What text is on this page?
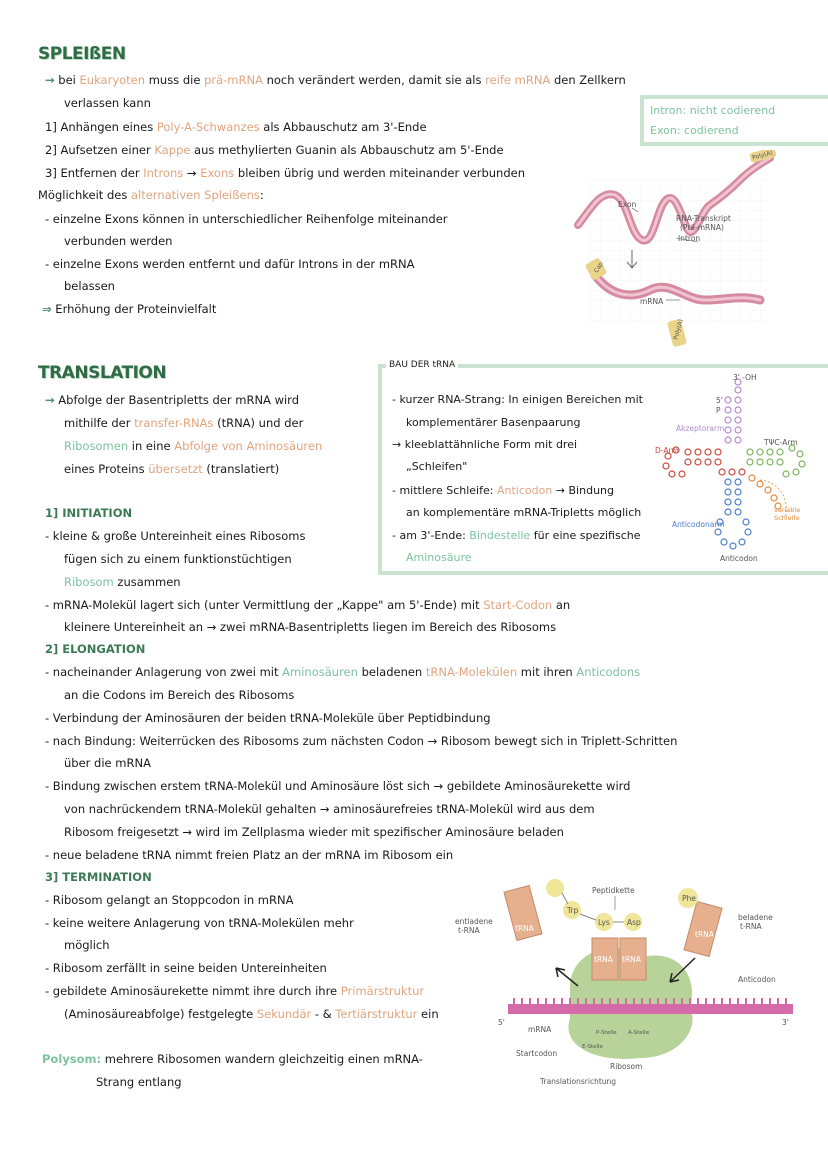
SPLEIßEN
→ bei Eukaryoten muss die prä-mRNA noch verändert werden, damit sie als reife mRNA den Zellkern
verlassen kann
1] Anhängen eines Poly-A-Schwanzes als Abbauschutz am 3'-Ende
2] Aufsetzen einer Kappe aus methylierten Guanin als Abbauschutz am 5'-Ende
3] Entfernen der Introns → Exons bleiben übrig und werden miteinander verbunden
Möglichkeit des alternativen Spleißens:
- einzelne Exons können in unterschiedlicher Reihenfolge miteinander
verbunden werden
- einzelne Exons werden entfernt und dafür Introns in der mRNA
belassen
⇒ Erhöhung der Proteinvielfalt
Intron: nicht codierend
Exon: codierend
Exon
RNA-Transkript
(Prä-mRNA)
Intron
mRNA
Cap
Poly(A)
Poly(A)
TRANSLATION
→ Abfolge der Basentripletts der mRNA wird
mithilfe der transfer-RNAs (tRNA) und der
Ribosomen in eine Abfolge von Aminosäuren
eines Proteins übersetzt (translatiert)
BAU DER tRNA
- kurzer RNA-Strang: In einigen Bereichen mit
komplementärer Basenpaarung
→ kleeblattähnliche Form mit drei
„Schleifen"
- mittlere Schleife: Anticodon → Bindung
an komplementäre mRNA-Tripletts möglich
- am 3'-Ende: Bindestelle für eine spezifische
Aminosäure
3' -OH
5'
P
Akzeptorarm
D-Arm
TΨC-Arm
variable Schleife
Anticodonarm
Anticodon
1] INITIATION
- kleine & große Untereinheit eines Ribosoms
fügen sich zu einem funktionstüchtigen
Ribosom zusammen
- mRNA-Molekül lagert sich (unter Vermittlung der „Kappe" am 5'-Ende) mit Start-Codon an
kleinere Untereinheit an → zwei mRNA-Basentripletts liegen im Bereich des Ribosoms
2] ELONGATION
- nacheinander Anlagerung von zwei mit Aminosäuren beladenen tRNA-Molekülen mit ihren Anticodons
an die Codons im Bereich des Ribosoms
- Verbindung der Aminosäuren der beiden tRNA-Moleküle über Peptidbindung
- nach Bindung: Weiterrücken des Ribosoms zum nächsten Codon → Ribosom bewegt sich in Triplett-Schritten
über die mRNA
- Bindung zwischen erstem tRNA-Molekül und Aminosäure löst sich → gebildete Aminosäurekette wird
von nachrückendem tRNA-Molekül gehalten → aminosäurefreies tRNA-Molekül wird aus dem
Ribosom freigesetzt → wird im Zellplasma wieder mit spezifischer Aminosäure beladen
- neue beladene tRNA nimmt freien Platz an der mRNA im Ribosom ein
3] TERMINATION
- Ribosom gelangt an Stoppcodon in mRNA
- keine weitere Anlagerung von tRNA-Molekülen mehr
möglich
- Ribosom zerfällt in seine beiden Untereinheiten
- gebildete Aminosäurekette nimmt ihre durch ihre Primärstruktur
(Aminosäureabfolge) festgelegte Sekundär - & Tertiärstruktur ein
Polysom: mehrere Ribosomen wandern gleichzeitig einen mRNA-
Strang entlang
Peptidkette
entladene
t-RNA
beladene
t-RNA
Trp
Lys Asp
Phe
tRNA
tRNA tRNA
tRNA
Anticodon
5'	3'
mRNA
E-Stelle
P-Stelle A-Stelle
Startcodon
Ribosom
Translationsrichtung
